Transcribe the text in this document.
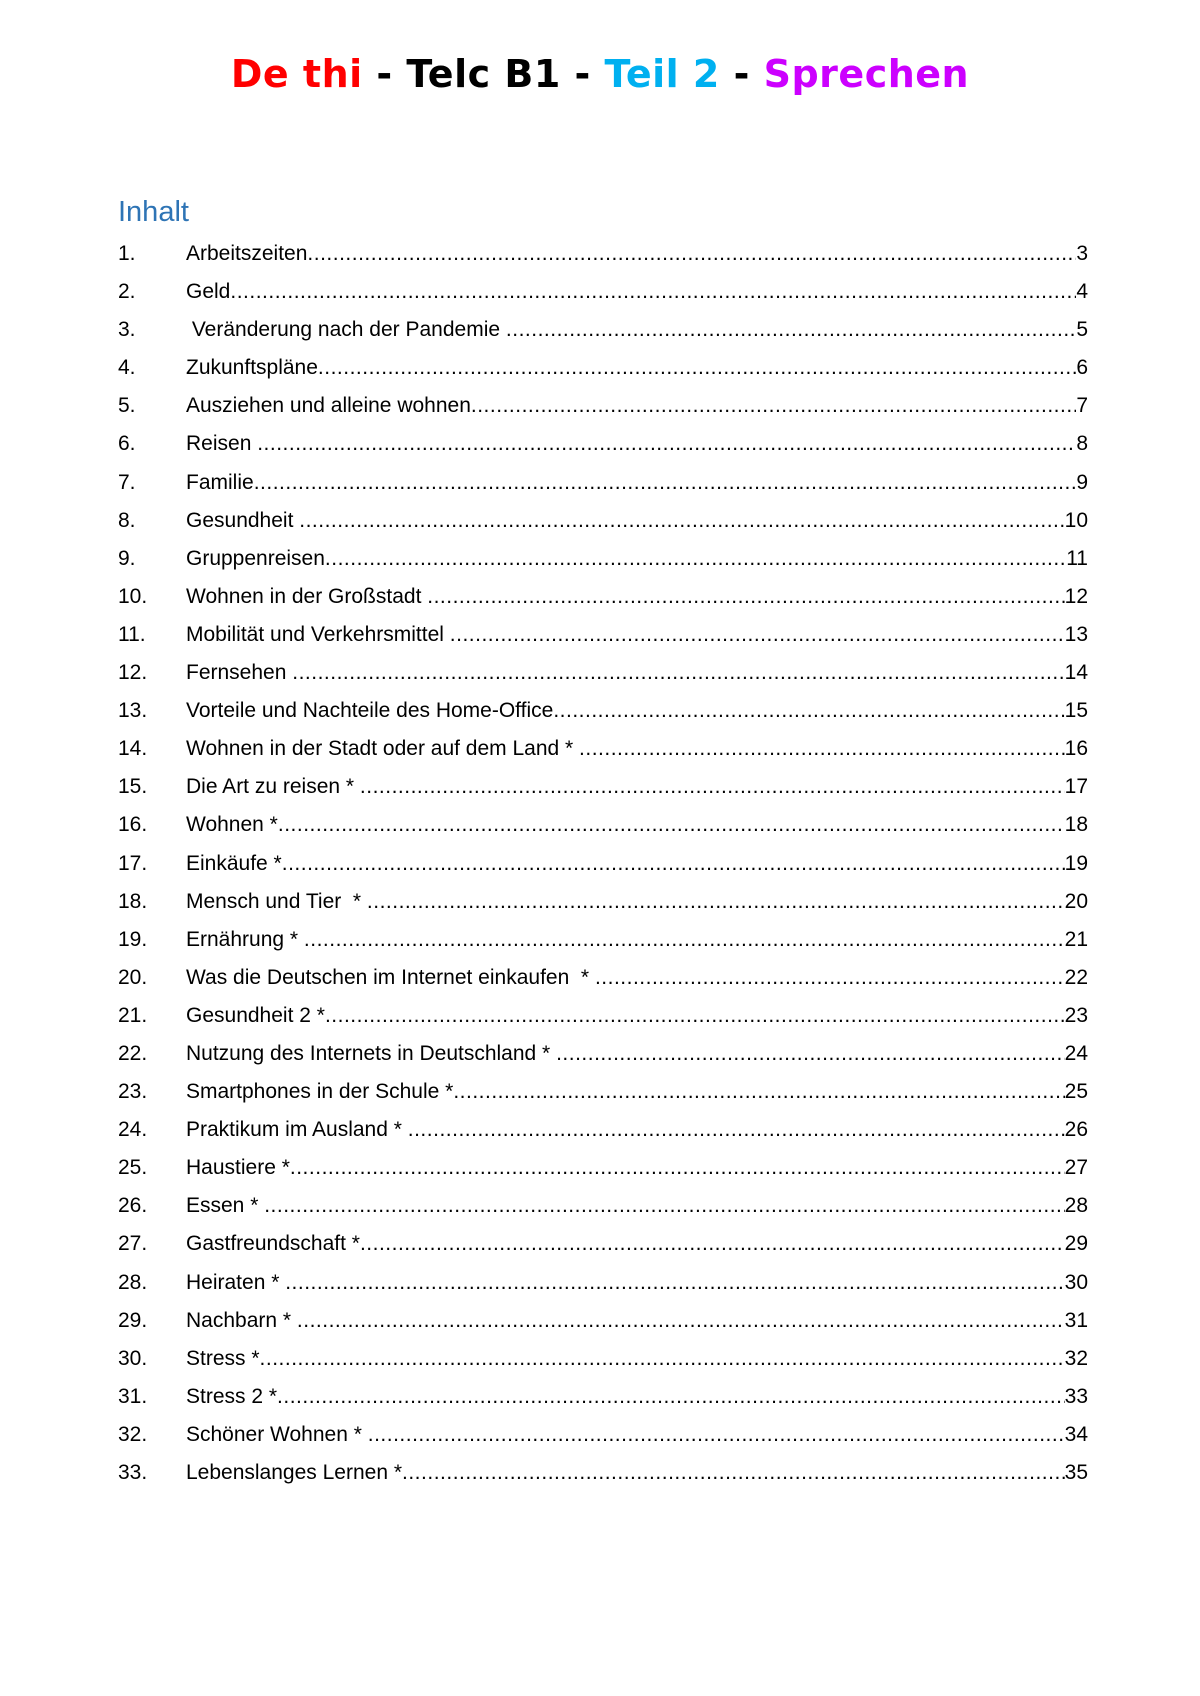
De thi - Telc B1 - Teil 2 - Sprechen
Inhalt
1.	Arbeitszeiten .....	3
2.	Geld .....	4
3.	Veränderung nach der Pandemie .....	5
4.	Zukunftspläne .....	6
5.	Ausziehen und alleine wohnen .....	7
6.	Reisen .....	8
7.	Familie .....	9
8.	Gesundheit .....	10
9.	Gruppenreisen .....	11
10.	Wohnen in der Großstadt .....	12
11.	Mobilität und Verkehrsmittel .....	13
12.	Fernsehen .....	14
13.	Vorteile und Nachteile des Home-Office .....	15
14.	Wohnen in der Stadt oder auf dem Land * .....	16
15.	Die Art zu reisen * .....	17
16.	Wohnen * .....	18
17.	Einkäufe * .....	19
18.	Mensch und Tier  * .....	20
19.	Ernährung * .....	21
20.	Was die Deutschen im Internet einkaufen  * .....	22
21.	Gesundheit 2 * .....	23
22.	Nutzung des Internets in Deutschland * .....	24
23.	Smartphones in der Schule * .....	25
24.	Praktikum im Ausland * .....	26
25.	Haustiere * .....	27
26.	Essen * .....	28
27.	Gastfreundschaft * .....	29
28.	Heiraten * .....	30
29.	Nachbarn * .....	31
30.	Stress * .....	32
31.	Stress 2 * .....	33
32.	Schöner Wohnen * .....	34
33.	Lebenslanges Lernen * .....	35
